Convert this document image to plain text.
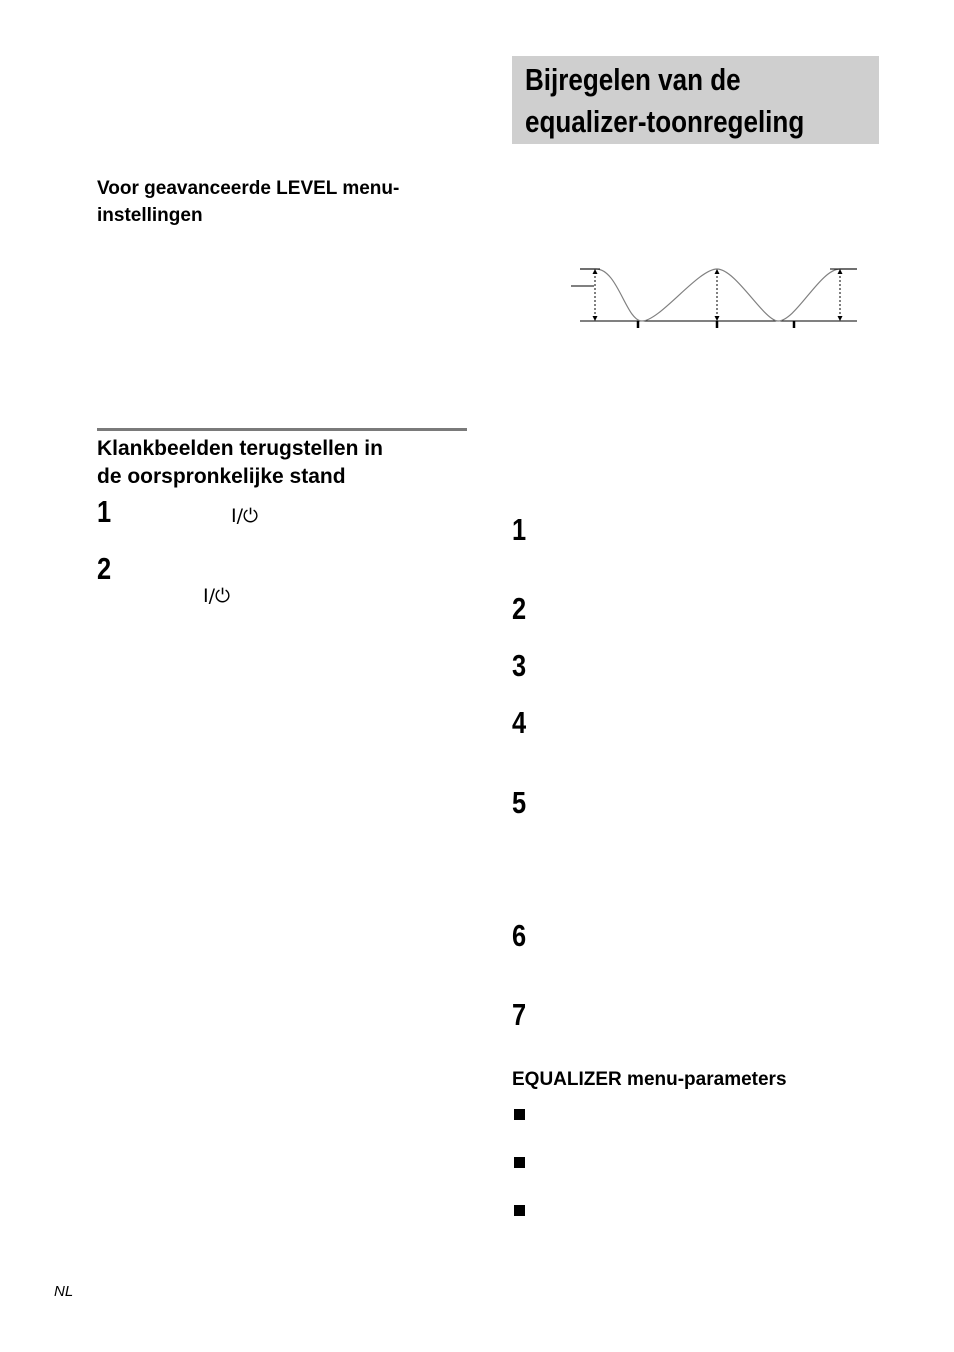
Bijregelen van de
equalizer-toonregeling
Voor geavanceerde LEVEL menu-
instellingen
Klankbeelden terugstellen in
de oorspronkelijke stand
1	I/⏻
2
I/⏻
1
2
3
4
5
6
7
EQUALIZER menu-parameters
NL
